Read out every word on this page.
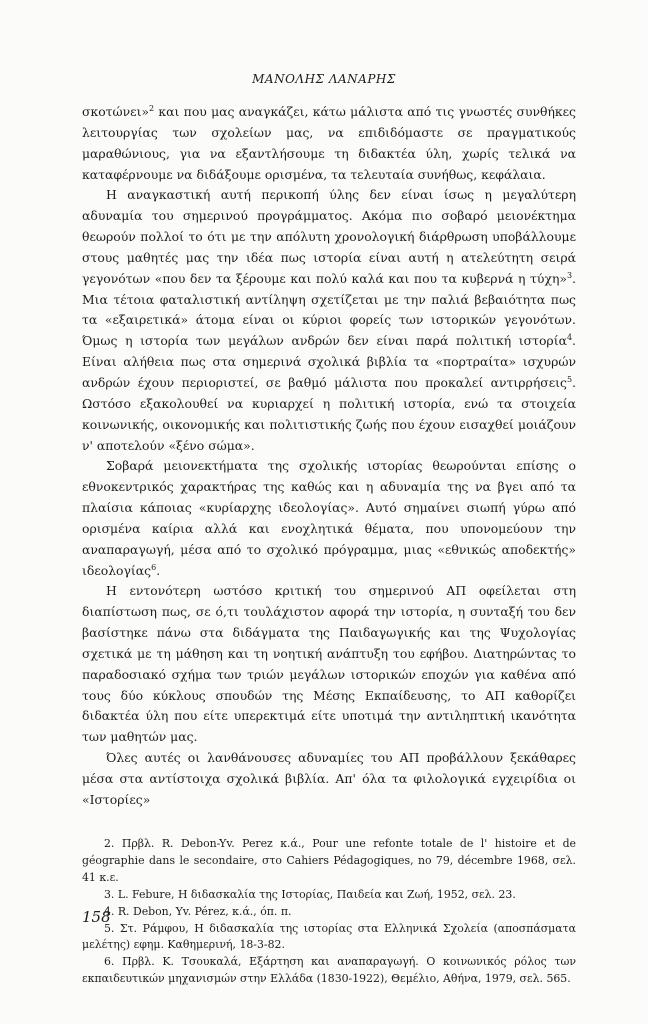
ΜΑΝΟΛΗΣ ΛΑΝΑΡΗΣ

σκοτώνει»$^2$ και που μας αναγκάζει, κάτω μάλιστα από τις γνωστές συνθήκες λειτουργίας των σχολείων μας, να επιδιδόμαστε σε πραγματικούς μαραθώνιους, για να εξαντλήσουμε τη διδακτέα ύλη, χωρίς τελικά να καταφέρνουμε να διδάξουμε ορισμένα, τα τελευταία συνήθως, κεφάλαια.

Η αναγκαστική αυτή περικοπή ύλης δεν είναι ίσως η μεγαλύτερη αδυναμία του σημερινού προγράμματος. Ακόμα πιο σοβαρό μειονέκτημα θεωρούν πολλοί το ότι με την απόλυτη χρονολογική διάρθρωση υποβάλλουμε στους μαθητές μας την ιδέα πως ιστορία είναι αυτή η ατελεύτητη σειρά γεγονότων «που δεν τα ξέρουμε και πολύ καλά και που τα κυβερνά η τύχη»$^3$. Μια τέτοια φαταλιστική αντίληψη σχετίζεται με την παλιά βεβαιότητα πως τα «εξαιρετικά» άτομα είναι οι κύριοι φορείς των ιστορικών γεγονότων. Όμως η ιστορία των μεγάλων ανδρών δεν είναι παρά πολιτική ιστορία$^4$. Είναι αλήθεια πως στα σημερινά σχολικά βιβλία τα «πορτραίτα» ισχυρών ανδρών έχουν περιοριστεί, σε βαθμό μάλιστα που προκαλεί αντιρρήσεις$^5$. Ωστόσο εξακολουθεί να κυριαρχεί η πολιτική ιστορία, ενώ τα στοιχεία κοινωνικής, οικονομικής και πολιτιστικής ζωής που έχουν εισαχθεί μοιάζουν ν' αποτελούν «ξένο σώμα».

Σοβαρά μειονεκτήματα της σχολικής ιστορίας θεωρούνται επίσης ο εθνοκεντρικός χαρακτήρας της καθώς και η αδυναμία της να βγει από τα πλαίσια κάποιας «κυρίαρχης ιδεολογίας». Αυτό σημαίνει σιωπή γύρω από ορισμένα καίρια αλλά και ενοχλητικά θέματα, που υπονομεύουν την αναπαραγωγή, μέσα από το σχολικό πρόγραμμα, μιας «εθνικώς αποδεκτής» ιδεολογίας$^6$.

Η εντονότερη ωστόσο κριτική του σημερινού ΑΠ οφείλεται στη διαπίστωση πως, σε ό,τι τουλάχιστον αφορά την ιστορία, η συνταξή του δεν βασίστηκε πάνω στα διδάγματα της Παιδαγωγικής και της Ψυχολογίας σχετικά με τη μάθηση και τη νοητική ανάπτυξη του εφήβου. Διατηρώντας το παραδοσιακό σχήμα των τριών μεγάλων ιστορικών εποχών για καθένα από τους δύο κύκλους σπουδών της Μέσης Εκπαίδευσης, το ΑΠ καθορίζει διδακτέα ύλη που είτε υπερεκτιμά είτε υποτιμά την αντιληπτική ικανότητα των μαθητών μας.

Όλες αυτές οι λανθάνουσες αδυναμίες του ΑΠ προβάλλουν ξεκάθαρες μέσα στα αντίστοιχα σχολικά βιβλία. Απ' όλα τα φιλολογικά εγχειρίδια οι «Ιστορίες»

2. Πρβλ. R. Debon-Yv. Perez κ.ά., Pour une refonte totale de l' histoire et de géographie dans le secondaire, στο Cahiers Pédagogiques, no 79, décembre 1968, σελ. 41 κ.ε.

3. L. Febure, Η διδασκαλία της Ιστορίας, Παιδεία και Ζωή, 1952, σελ. 23.

4. R. Debon, Yv. Pérez, κ.ά., όπ. π.

5. Στ. Ράμφου, Η διδασκαλία της ιστορίας στα Ελληνικά Σχολεία (αποσπάσματα μελέτης) εφημ. Καθημερινή, 18-3-82.

6. Πρβλ. Κ. Τσουκαλά, Εξάρτηση και αναπαραγωγή. Ο κοινωνικός ρόλος των εκπαιδευτικών μηχανισμών στην Ελλάδα (1830-1922), Θεμέλιο, Αθήνα, 1979, σελ. 565.

158
